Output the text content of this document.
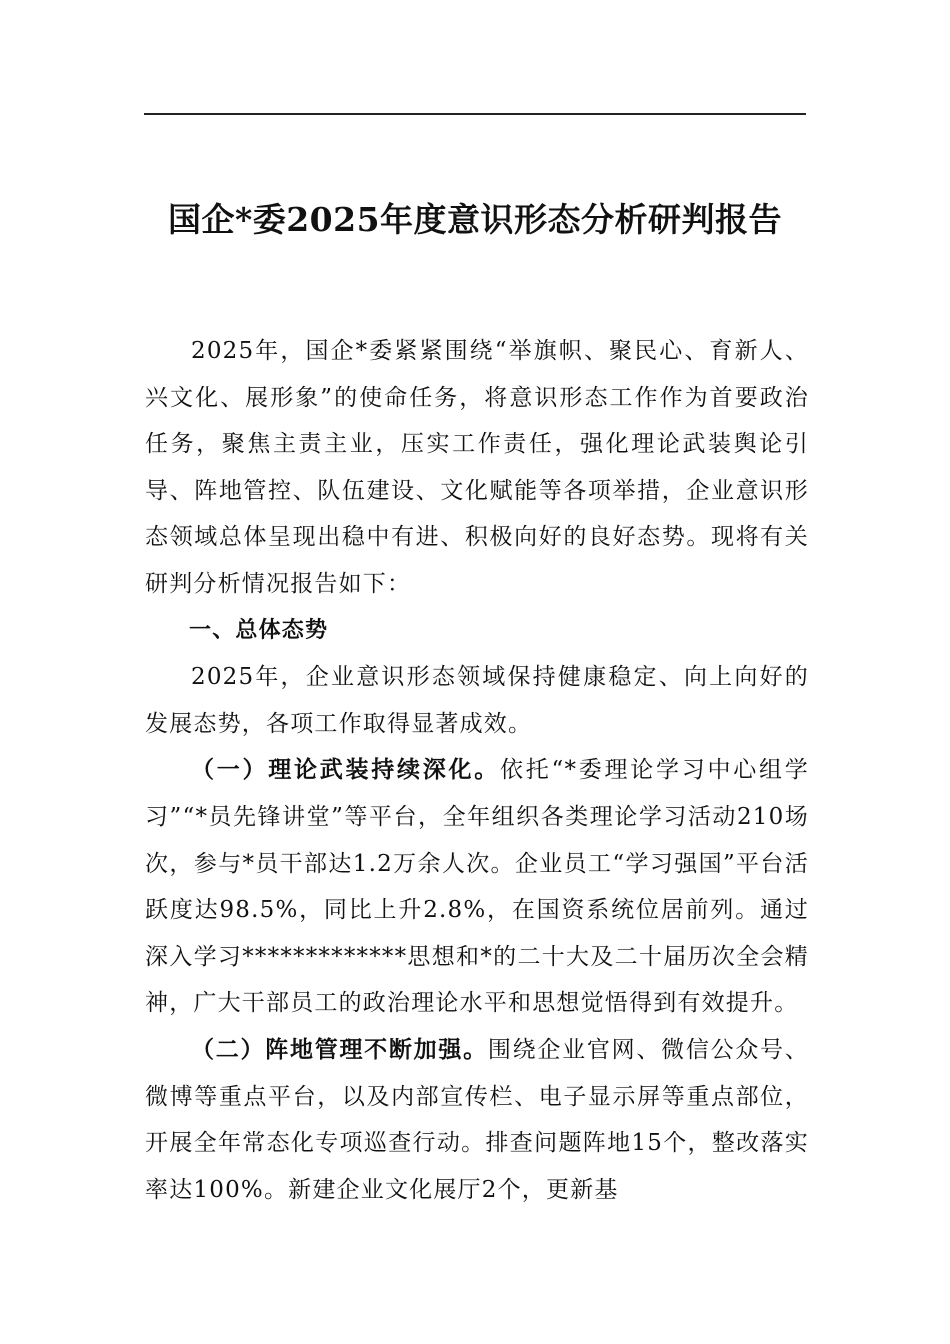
国企*委2025年度意识形态分析研判报告

2025年，国企*委紧紧围绕“举旗帜、聚民心、育新人、兴文化、展形象”的使命任务，将意识形态工作作为首要政治任务，聚焦主责主业，压实工作责任，强化理论武装舆论引导、阵地管控、队伍建设、文化赋能等各项举措，企业意识形态领域总体呈现出稳中有进、积极向好的良好态势。现将有关研判分析情况报告如下：

一、总体态势

2025年，企业意识形态领域保持健康稳定、向上向好的发展态势，各项工作取得显著成效。

（一）理论武装持续深化。依托“*委理论学习中心组学习”“*员先锋讲堂”等平台，全年组织各类理论学习活动210场次，参与*员干部达1.2万余人次。企业员工“学习强国”平台活跃度达98.5%，同比上升2.8%，在国资系统位居前列。通过深入学习*************思想和*的二十大及二十届历次全会精神，广大干部员工的政治理论水平和思想觉悟得到有效提升。

（二）阵地管理不断加强。围绕企业官网、微信公众号、微博等重点平台，以及内部宣传栏、电子显示屏等重点部位，开展全年常态化专项巡查行动。排查问题阵地15个，整改落实率达100%。新建企业文化展厅2个，更新基
